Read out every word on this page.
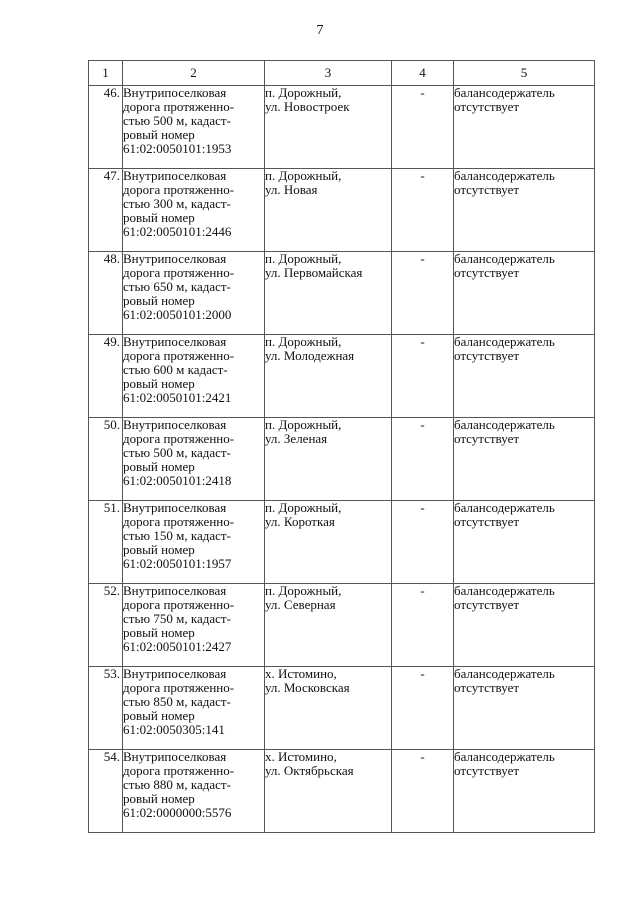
7
1	2	3	4	5
46.	Внутрипоселковая
дорога протяженно-
стью 500 м, кадаст-
ровый номер
61:02:0050101:1953	п. Дорожный,
ул. Новостроек	-	балансодержатель
отсутствует

47.	Внутрипоселковая
дорога протяженно-
стью 300 м, кадаст-
ровый номер
61:02:0050101:2446	п. Дорожный,
ул. Новая	-	балансодержатель
отсутствует

48.	Внутрипоселковая
дорога протяженно-
стью 650 м, кадаст-
ровый номер
61:02:0050101:2000	п. Дорожный,
ул. Первомайская	-	балансодержатель
отсутствует

49.	Внутрипоселковая
дорога протяженно-
стью 600 м кадаст-
ровый номер
61:02:0050101:2421	п. Дорожный,
ул. Молодежная	-	балансодержатель
отсутствует

50.	Внутрипоселковая
дорога протяженно-
стью 500 м, кадаст-
ровый номер
61:02:0050101:2418	п. Дорожный,
ул. Зеленая	-	балансодержатель
отсутствует

51.	Внутрипоселковая
дорога протяженно-
стью 150 м, кадаст-
ровый номер
61:02:0050101:1957	п. Дорожный,
ул. Короткая	-	балансодержатель
отсутствует

52.	Внутрипоселковая
дорога протяженно-
стью 750 м, кадаст-
ровый номер
61:02:0050101:2427	п. Дорожный,
ул. Северная	-	балансодержатель
отсутствует

53.	Внутрипоселковая
дорога протяженно-
стью 850 м, кадаст-
ровый номер
61:02:0050305:141	х. Истомино,
ул. Московская	-	балансодержатель
отсутствует

54.	Внутрипоселковая
дорога протяженно-
стью 880 м, кадаст-
ровый номер
61:02:0000000:5576	х. Истомино,
ул. Октябрьская	-	балансодержатель
отсутствует
